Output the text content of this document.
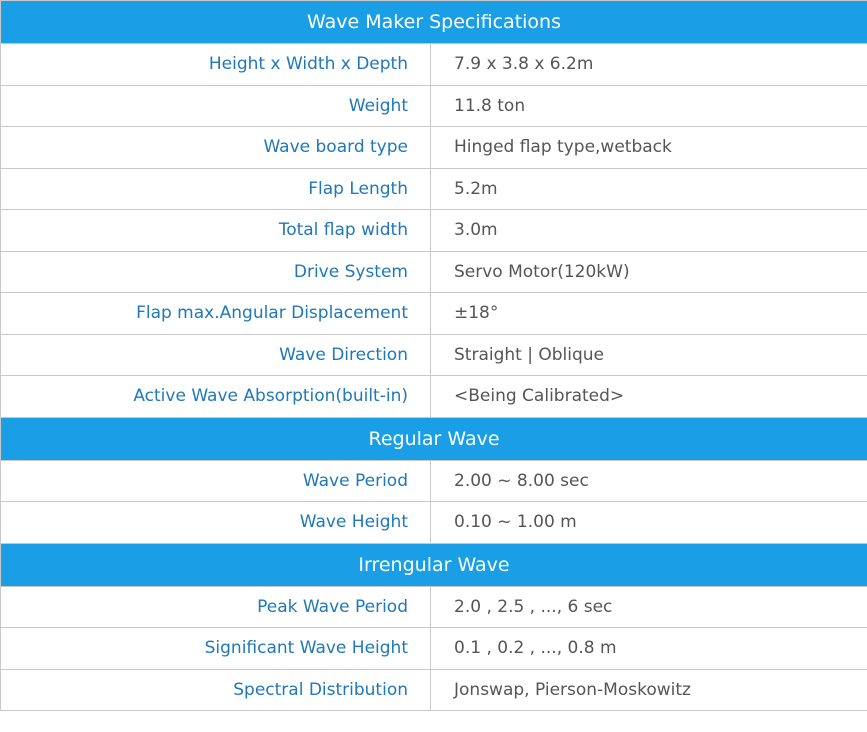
Wave Maker Specifications	
Height x Width x Depth	7.9 x 3.8 x 6.2m
Weight	11.8 ton
Wave board type	Hinged flap type,wetback
Flap Length	5.2m
Total flap width	3.0m
Drive System	Servo Motor(120kW)
Flap max.Angular Displacement	±18°
Wave Direction	Straight | Oblique
Active Wave Absorption(built-in)	<Being Calibrated>
Regular Wave	
Wave Period	2.00 ~ 8.00 sec
Wave Height	0.10 ~ 1.00 m
Irrengular Wave	
Peak Wave Period	2.0 , 2.5 , ..., 6 sec
Significant Wave Height	0.1 , 0.2 , ..., 0.8 m
Spectral Distribution	Jonswap, Pierson-Moskowitz
